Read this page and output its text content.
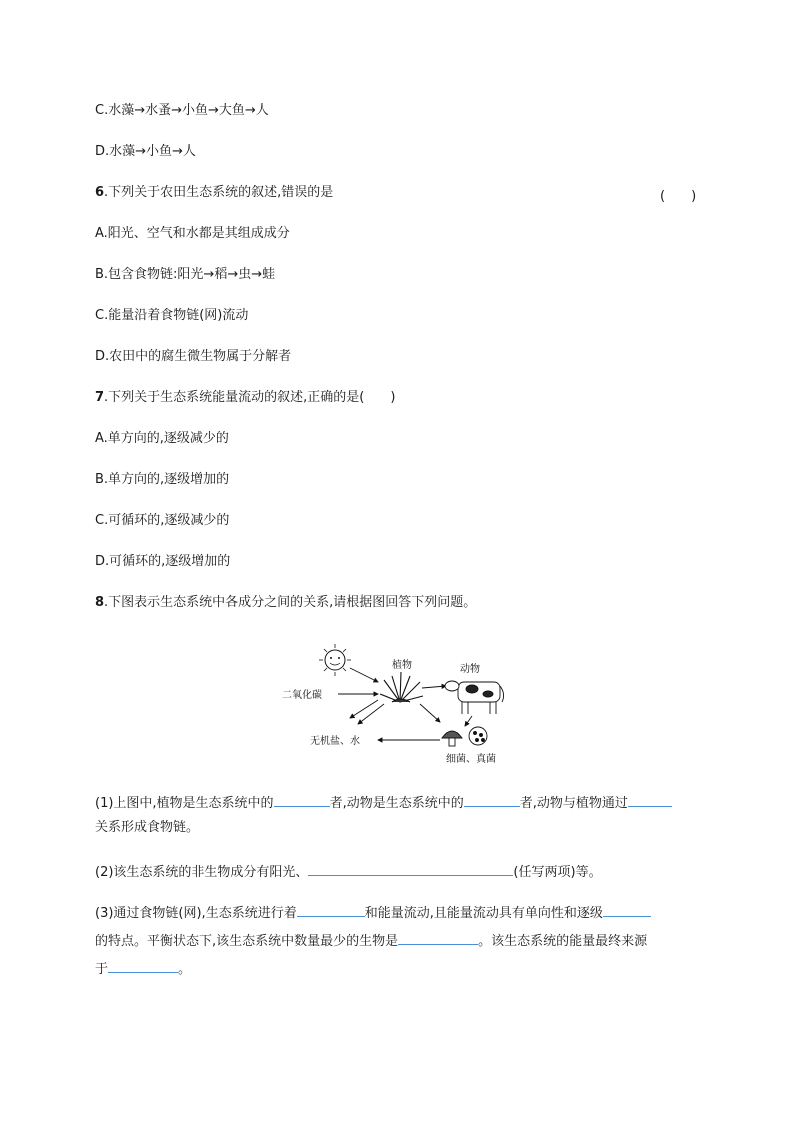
C.水藻→水蚤→小鱼→大鱼→人
D.水藻→小鱼→人
6.下列关于农田生态系统的叙述,错误的是	(　　)
A.阳光、空气和水都是其组成成分
B.包含食物链:阳光→稻→虫→蛙
C.能量沿着食物链(网)流动
D.农田中的腐生微生物属于分解者
7.下列关于生态系统能量流动的叙述,正确的是(　　)
A.单方向的,逐级减少的
B.单方向的,逐级增加的
C.可循环的,逐级减少的
D.可循环的,逐级增加的
8.下图表示生态系统中各成分之间的关系,请根据图回答下列问题。
植物	动物
二氧化碳
细菌、真菌
无机盐、水
(1)上图中,植物是生态系统中的	者,动物是生态系统中的	者,动物与植物通过
关系形成食物链。
(2)该生态系统的非生物成分有阳光、	(任写两项)等。
(3)通过食物链(网),生态系统进行着	和能量流动,且能量流动具有单向性和逐级
的特点。平衡状态下,该生态系统中数量最少的生物是	。该生态系统的能量最终来源
于	。
